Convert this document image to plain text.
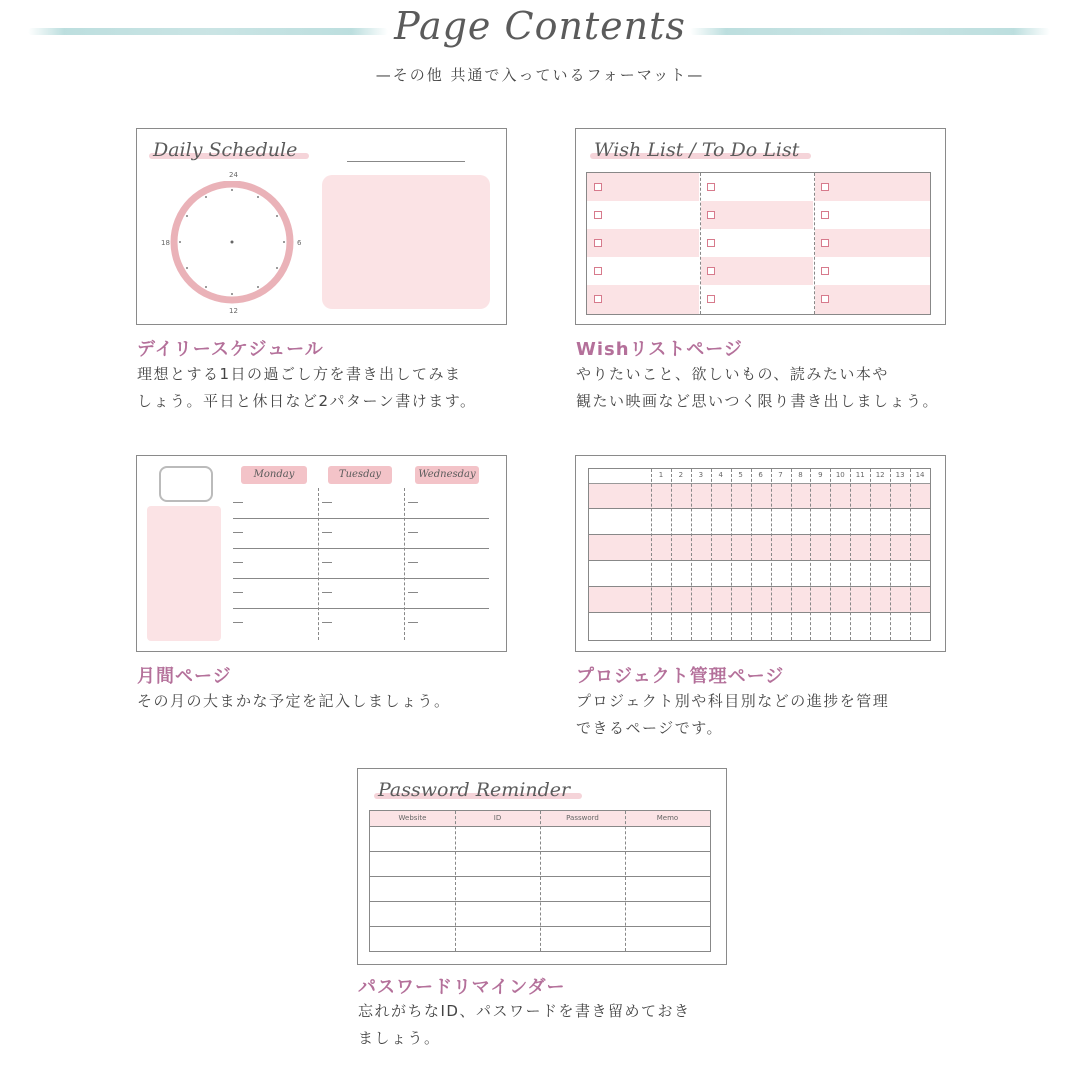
Page Contents
—その他 共通で入っているフォーマット—
Daily Schedule
24
6
12
18
デイリースケジュール
理想とする1日の過ごし方を書き出してみま
しょう。平日と休日など2パターン書けます。
Wish List / To Do List
Wishリストページ
やりたいこと、欲しいもの、読みたい本や
観たい映画など思いつく限り書き出しましょう。
Monday	Tuesday	Wednesday
月間ページ
その月の大まかな予定を記入しましょう。
1	2	3	4	5	6	7	8	9	10	11	12	13	14
プロジェクト管理ページ
プロジェクト別や科目別などの進捗を管理
できるページです。
Password Reminder
Website	ID	Password	Memo
パスワードリマインダー
忘れがちなID、パスワードを書き留めておき
ましょう。
